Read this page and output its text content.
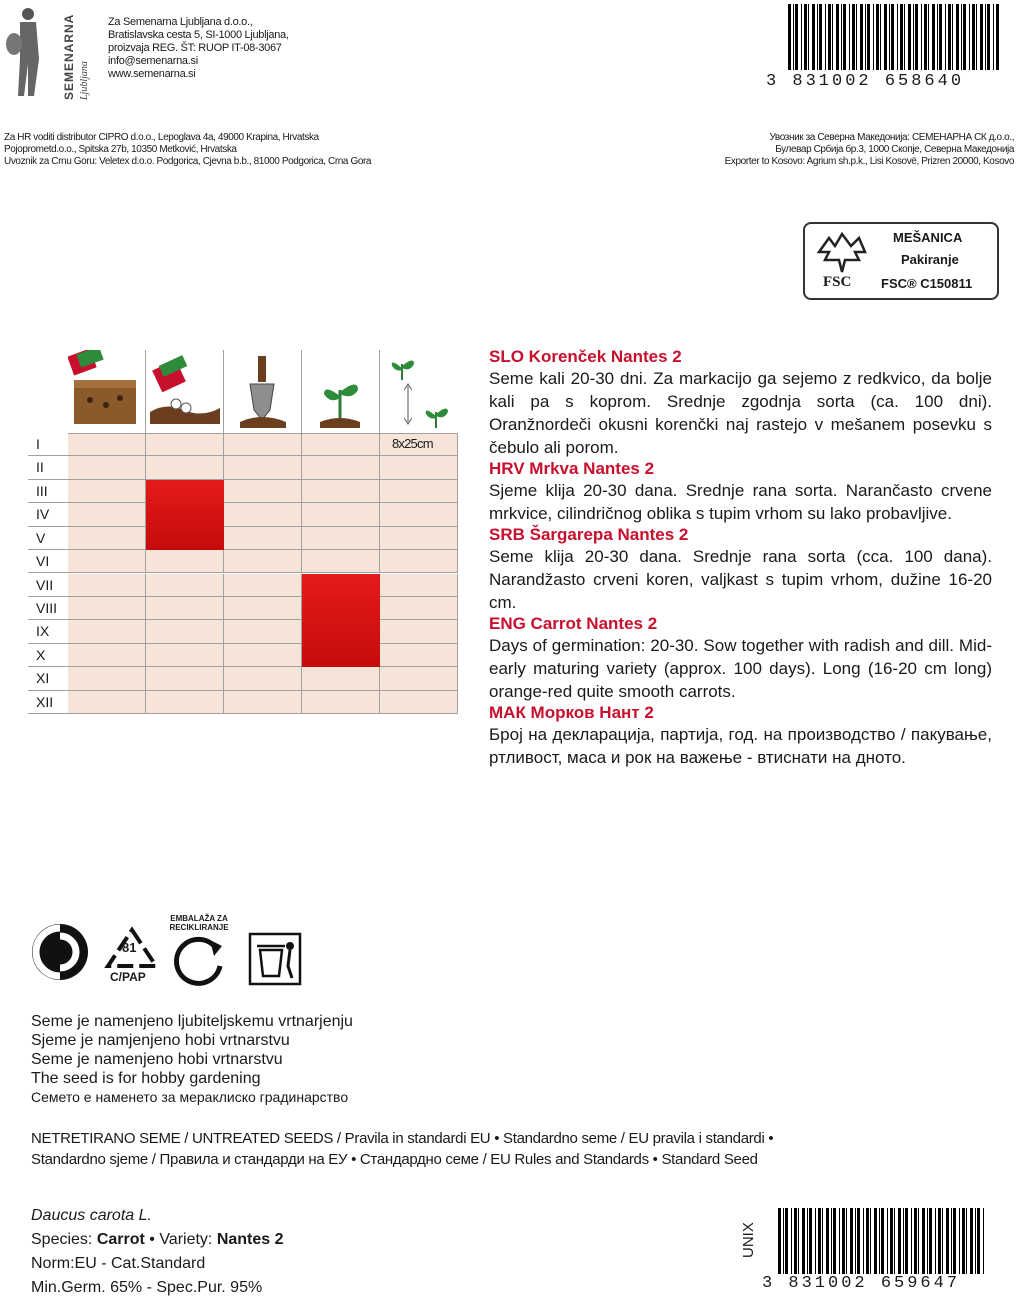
SEMENARNA Ljubljana
Za Semenarna Ljubljana d.o.o.,
Bratislavska cesta 5, SI-1000 Ljubljana,
proizvaja REG. ŠT: RUOP IT-08-3067
info@semenarna.si
www.semenarna.si	3 831002 658640
Za HR voditi distributor CIPRO d.o.o., Lepoglava 4a, 49000 Krapina, Hrvatska
Pojoprometd.o.o., Spitska 27b, 10350 Metković, Hrvatska
Uvoznik za Crnu Goru: Veletex d.o.o. Podgorica, Cjevna b.b., 81000 Podgorica, Crna Gora
Увозник за Северна Македонија: СЕМЕНАРНА СК д.о.о.,
Булевар Србија бр.3, 1000 Скопје, Северна Македонија
Exporter to Kosovo: Agrium sh.p.k., Lisi Kosovë, Prizren 20000, Kosovo
FSC
MEŠANICA
Pakiranje
FSC® C150811
8x25cm
I
II
III
IV
V
VI
VII
VIII
IX
X
XI
XII
SLO Korenček Nantes 2
Seme kali 20-30 dni. Za markacijo ga sejemo z redkvico, da bolje kali pa s koprom. Srednje zgodnja sorta (ca. 100 dni). Oranžnordeči okusni korenčki naj rastejo v mešanem posevku s čebulo ali porom.
HRV Mrkva Nantes 2
Sjeme klija 20-30 dana. Srednje rana sorta. Narančasto crvene mrkvice, cilindričnog oblika s tupim vrhom su lako probavljive.
SRB Šargarepa Nantes 2
Seme klija 20-30 dana. Srednje rana sorta (cca. 100 dana). Narandžasto crveni koren, valjkast s tupim vrhom, dužine 16-20 cm.
ENG Carrot Nantes 2
Days of germination: 20-30. Sow together with radish and dill. Mid-early maturing variety (approx. 100 days). Long (16-20 cm long) orange-red quite smooth carrots.
МАК Морков Нант 2
Број на декларација, партија, год. на производство / пакување, ртливост, маса и рок на важење - втиснати на дното.
81
C/PAP
EMBALAŽA ZA RECIKLIRANJE
Seme je namenjeno ljubiteljskemu vrtnarjenju
Sjeme je namjenjeno hobi vrtnarstvu
Seme je namenjeno hobi vrtnarstvu
The seed is for hobby gardening
Семето е наменето за мераклиско градинарство
NETRETIRANO SEME / UNTREATED SEEDS / Pravila in standardi EU • Standardno seme / EU pravila i standardi •
Standardno sjeme / Правила и стандарди на ЕУ • Стандардно семе / EU Rules and Standards • Standard Seed
Daucus carota L.
Species: Carrot • Variety: Nantes 2
Norm:EU - Cat.Standard
Min.Germ. 65% - Spec.Pur. 95%
UNIX
3 831002 659647
